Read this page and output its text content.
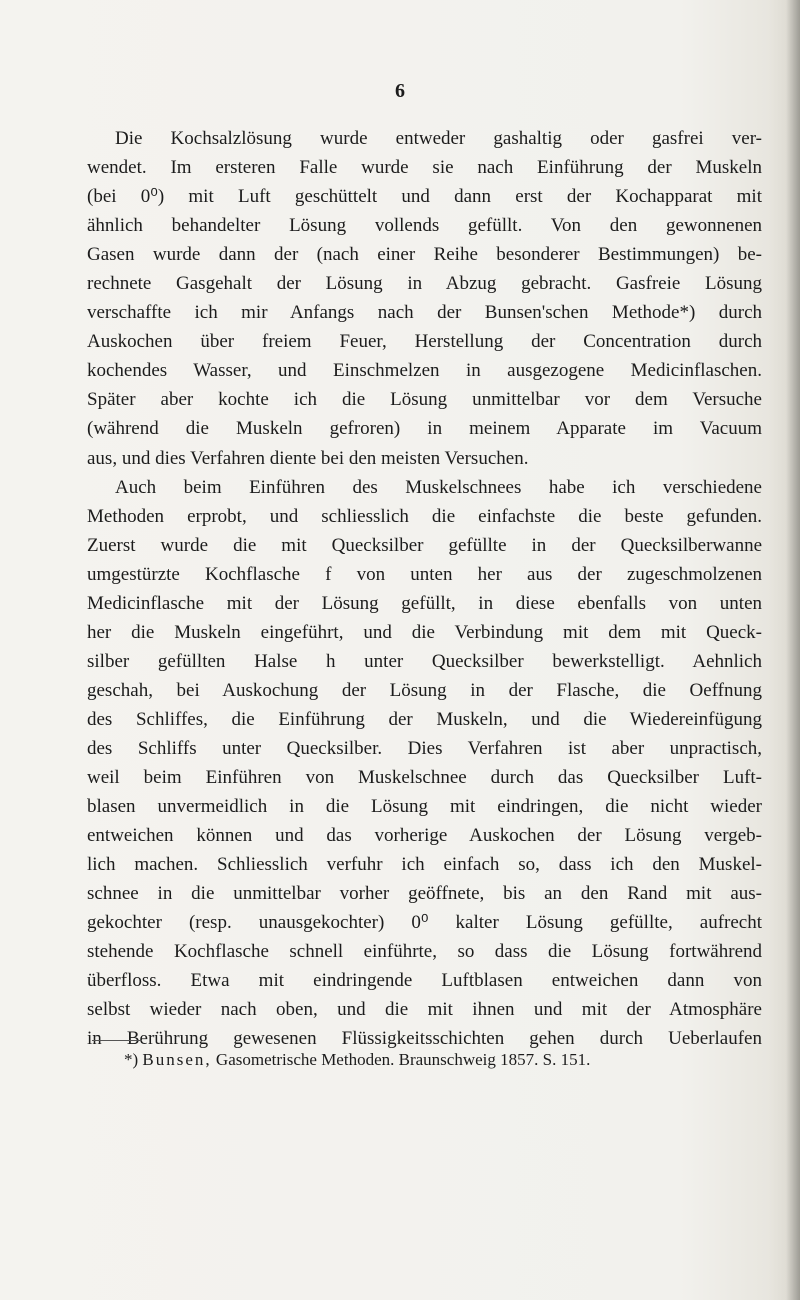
6
Die Kochsalzlösung wurde entweder gashaltig oder gasfrei ver-
wendet. Im ersteren Falle wurde sie nach Einführung der Muskeln
(bei 0⁰) mit Luft geschüttelt und dann erst der Kochapparat mit
ähnlich behandelter Lösung vollends gefüllt. Von den gewonnenen
Gasen wurde dann der (nach einer Reihe besonderer Bestimmungen) be-
rechnete Gasgehalt der Lösung in Abzug gebracht. Gasfreie Lösung
verschaffte ich mir Anfangs nach der Bunsen'schen Methode*) durch
Auskochen über freiem Feuer, Herstellung der Concentration durch
kochendes Wasser, und Einschmelzen in ausgezogene Medicinflaschen.
Später aber kochte ich die Lösung unmittelbar vor dem Versuche
(während die Muskeln gefroren) in meinem Apparate im Vacuum
aus, und dies Verfahren diente bei den meisten Versuchen.
Auch beim Einführen des Muskelschnees habe ich verschiedene
Methoden erprobt, und schliesslich die einfachste die beste gefunden.
Zuerst wurde die mit Quecksilber gefüllte in der Quecksilberwanne
umgestürzte Kochflasche f von unten her aus der zugeschmolzenen
Medicinflasche mit der Lösung gefüllt, in diese ebenfalls von unten
her die Muskeln eingeführt, und die Verbindung mit dem mit Queck-
silber gefüllten Halse h unter Quecksilber bewerkstelligt. Aehnlich
geschah, bei Auskochung der Lösung in der Flasche, die Oeffnung
des Schliffes, die Einführung der Muskeln, und die Wiedereinfügung
des Schliffs unter Quecksilber. Dies Verfahren ist aber unpractisch,
weil beim Einführen von Muskelschnee durch das Quecksilber Luft-
blasen unvermeidlich in die Lösung mit eindringen, die nicht wieder
entweichen können und das vorherige Auskochen der Lösung vergeb-
lich machen. Schliesslich verfuhr ich einfach so, dass ich den Muskel-
schnee in die unmittelbar vorher geöffnete, bis an den Rand mit aus-
gekochter (resp. unausgekochter) 0⁰ kalter Lösung gefüllte, aufrecht
stehende Kochflasche schnell einführte, so dass die Lösung fortwährend
überfloss. Etwa mit eindringende Luftblasen entweichen dann von
selbst wieder nach oben, und die mit ihnen und mit der Atmosphäre
in Berührung gewesenen Flüssigkeitsschichten gehen durch Ueberlaufen
*) Bunsen, Gasometrische Methoden. Braunschweig 1857. S. 151.
